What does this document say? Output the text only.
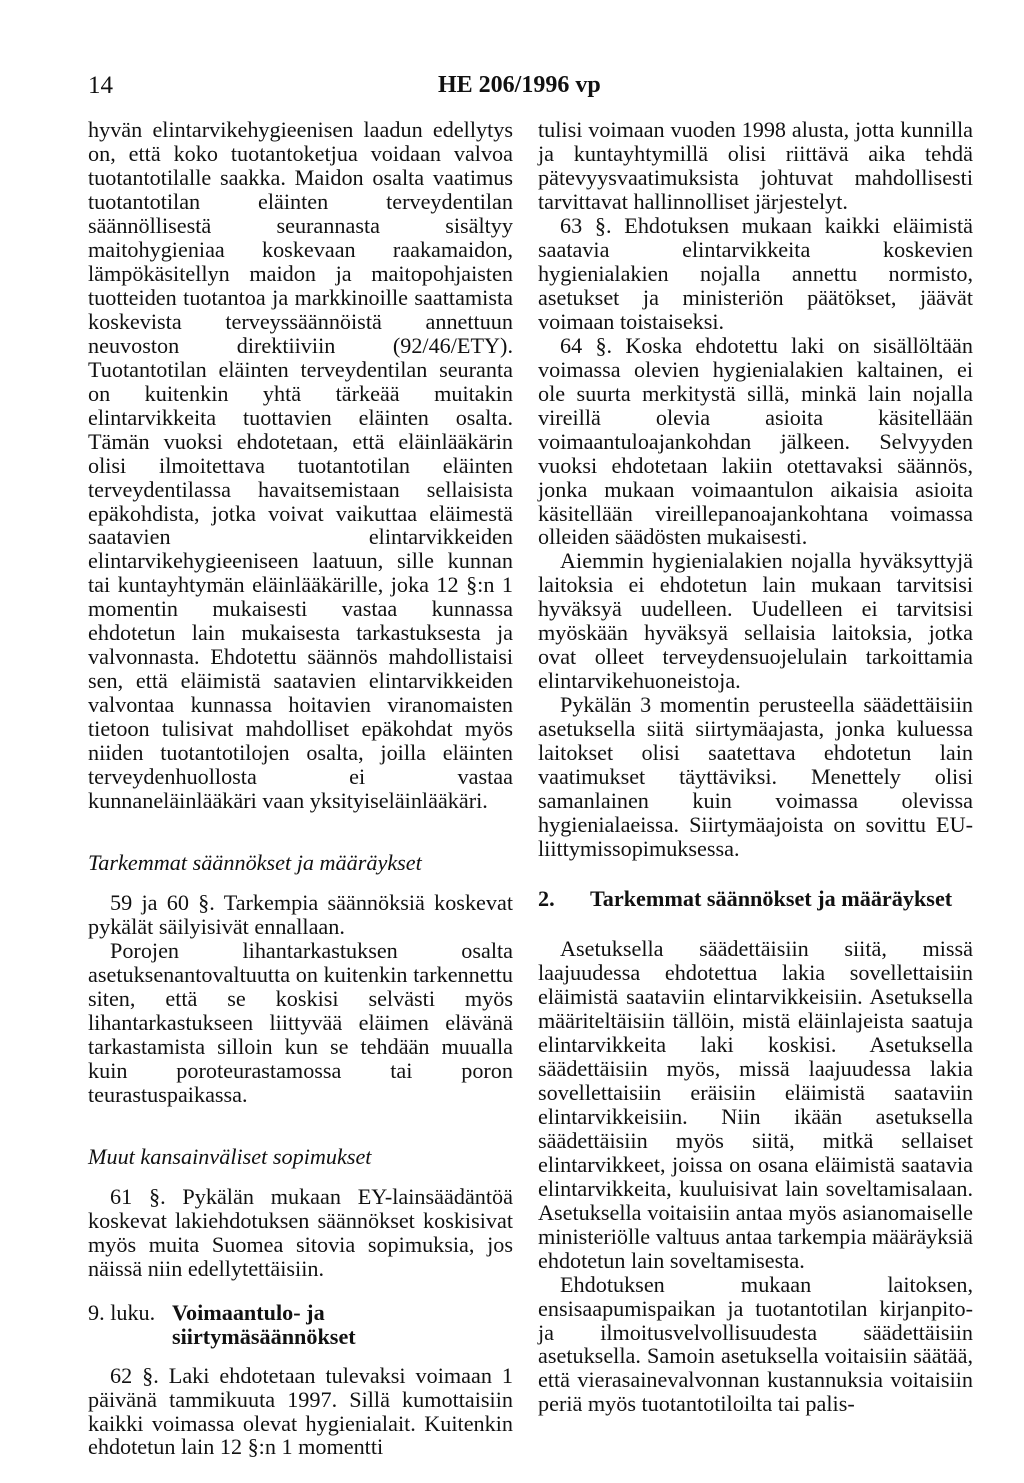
14	HE 206/1996 vp

hyvän elintarvikehygieenisen laadun edellytys on, että koko tuotantoketjua voidaan valvoa tuotantotilalle saakka. Maidon osalta vaatimus tuotantotilan eläinten terveydentilan säännöllisestä seurannasta sisältyy maitohygieniaa koskevaan raakamaidon, lämpökäsitellyn maidon ja maitopohjaisten tuotteiden tuotantoa ja markkinoille saattamista koskevista terveyssäännöistä annettuun neuvoston direktiiviin (92/46/ETY). Tuotantotilan eläinten terveydentilan seuranta on kuitenkin yhtä tärkeää muitakin elintarvikkeita tuottavien eläinten osalta. Tämän vuoksi ehdotetaan, että eläinlääkärin olisi ilmoitettava tuotantotilan eläinten terveydentilassa havaitsemistaan sellaisista epäkohdista, jotka voivat vaikuttaa eläimestä saatavien elintarvikkeiden elintarvikehygieeniseen laatuun, sille kunnan tai kuntayhtymän eläinlääkärille, joka 12 §:n 1 momentin mukaisesti vastaa kunnassa ehdotetun lain mukaisesta tarkastuksesta ja valvonnasta. Ehdotettu säännös mahdollistaisi sen, että eläimistä saatavien elintarvikkeiden valvontaa kunnassa hoitavien viranomaisten tietoon tulisivat mahdolliset epäkohdat myös niiden tuotantotilojen osalta, joilla eläinten terveydenhuollosta ei vastaa kunnaneläinlääkäri vaan yksityiseläinlääkäri.

Tarkemmat säännökset ja määräykset

59 ja 60 §. Tarkempia säännöksiä koskevat pykälät säilyisivät ennallaan.

Porojen lihantarkastuksen osalta asetuksenantovaltuutta on kuitenkin tarkennettu siten, että se koskisi selvästi myös lihantarkastukseen liittyvää eläimen elävänä tarkastamista silloin kun se tehdään muualla kuin poroteurastamossa tai poron teurastuspaikassa.

Muut kansainväliset sopimukset

61 §. Pykälän mukaan EY-lainsäädäntöä koskevat lakiehdotuksen säännökset koskisivat myös muita Suomea sitovia sopimuksia, jos näissä niin edellytettäisiin.

9. luku. Voimaantulo- ja siirtymäsäännökset

62 §. Laki ehdotetaan tulevaksi voimaan 1 päivänä tammikuuta 1997. Sillä kumottaisiin kaikki voimassa olevat hygienialait. Kuitenkin ehdotetun lain 12 §:n 1 momentti

tulisi voimaan vuoden 1998 alusta, jotta kunnilla ja kuntayhtymillä olisi riittävä aika tehdä pätevyysvaatimuksista johtuvat mahdollisesti tarvittavat hallinnolliset järjestelyt.

63 §. Ehdotuksen mukaan kaikki eläimistä saatavia elintarvikkeita koskevien hygienialakien nojalla annettu normisto, asetukset ja ministeriön päätökset, jäävät voimaan toistaiseksi.

64 §. Koska ehdotettu laki on sisällöltään voimassa olevien hygienialakien kaltainen, ei ole suurta merkitystä sillä, minkä lain nojalla vireillä olevia asioita käsitellään voimaantuloajankohdan jälkeen. Selvyyden vuoksi ehdotetaan lakiin otettavaksi säännös, jonka mukaan voimaantulon aikaisia asioita käsitellään vireillepanoajankohtana voimassa olleiden säädösten mukaisesti.

Aiemmin hygienialakien nojalla hyväksyttyjä laitoksia ei ehdotetun lain mukaan tarvitsisi hyväksyä uudelleen. Uudelleen ei tarvitsisi myöskään hyväksyä sellaisia laitoksia, jotka ovat olleet terveydensuojelulain tarkoittamia elintarvikehuoneistoja.

Pykälän 3 momentin perusteella säädettäisiin asetuksella siitä siirtymäajasta, jonka kuluessa laitokset olisi saatettava ehdotetun lain vaatimukset täyttäviksi. Menettely olisi samanlainen kuin voimassa olevissa hygienialaeissa. Siirtymäajoista on sovittu EU-liittymissopimuksessa.

2.	Tarkemmat säännökset ja määräykset

Asetuksella säädettäisiin siitä, missä laajuudessa ehdotettua lakia sovellettaisiin eläimistä saataviin elintarvikkeisiin. Asetuksella määriteltäisiin tällöin, mistä eläinlajeista saatuja elintarvikkeita laki koskisi. Asetuksella säädettäisiin myös, missä laajuudessa lakia sovellettaisiin eräisiin eläimistä saataviin elintarvikkeisiin. Niin ikään asetuksella säädettäisiin myös siitä, mitkä sellaiset elintarvikkeet, joissa on osana eläimistä saatavia elintarvikkeita, kuuluisivat lain soveltamisalaan. Asetuksella voitaisiin antaa myös asianomaiselle ministeriölle valtuus antaa tarkempia määräyksiä ehdotetun lain soveltamisesta.

Ehdotuksen mukaan laitoksen, ensisaapumispaikan ja tuotantotilan kirjanpito- ja ilmoitusvelvollisuudesta säädettäisiin asetuksella. Samoin asetuksella voitaisiin säätää, että vierasainevalvonnan kustannuksia voitaisiin periä myös tuotantotiloilta tai palis-
